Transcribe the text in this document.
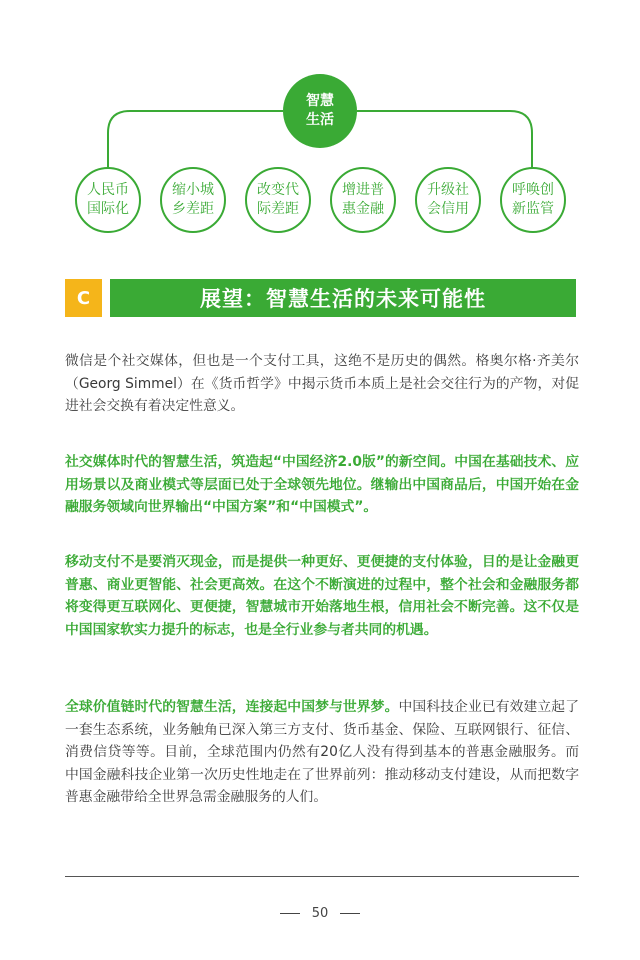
智慧
生活
人民币
国际化
缩小城
乡差距
改变代
际差距
增进普
惠金融
升级社
会信用
呼唤创
新监管
C	展望：智慧生活的未来可能性

微信是个社交媒体，但也是一个支付工具，这绝不是历史的偶然。格奥尔格·齐美尔（Georg Simmel）在《货币哲学》中揭示货币本质上是社会交往行为的产物，对促进社会交换有着决定性意义。

社交媒体时代的智慧生活，筑造起“中国经济2.0版”的新空间。中国在基础技术、应用场景以及商业模式等层面已处于全球领先地位。继输出中国商品后，中国开始在金融服务领域向世界输出“中国方案”和“中国模式”。

移动支付不是要消灭现金，而是提供一种更好、更便捷的支付体验，目的是让金融更普惠、商业更智能、社会更高效。在这个不断演进的过程中，整个社会和金融服务都将变得更互联网化、更便捷，智慧城市开始落地生根，信用社会不断完善。这不仅是中国国家软实力提升的标志，也是全行业参与者共同的机遇。

全球价值链时代的智慧生活，连接起中国梦与世界梦。中国科技企业已有效建立起了一套生态系统，业务触角已深入第三方支付、货币基金、保险、互联网银行、征信、消费信贷等等。目前，全球范围内仍然有20亿人没有得到基本的普惠金融服务。而中国金融科技企业第一次历史性地走在了世界前列：推动移动支付建设，从而把数字普惠金融带给全世界急需金融服务的人们。

50
